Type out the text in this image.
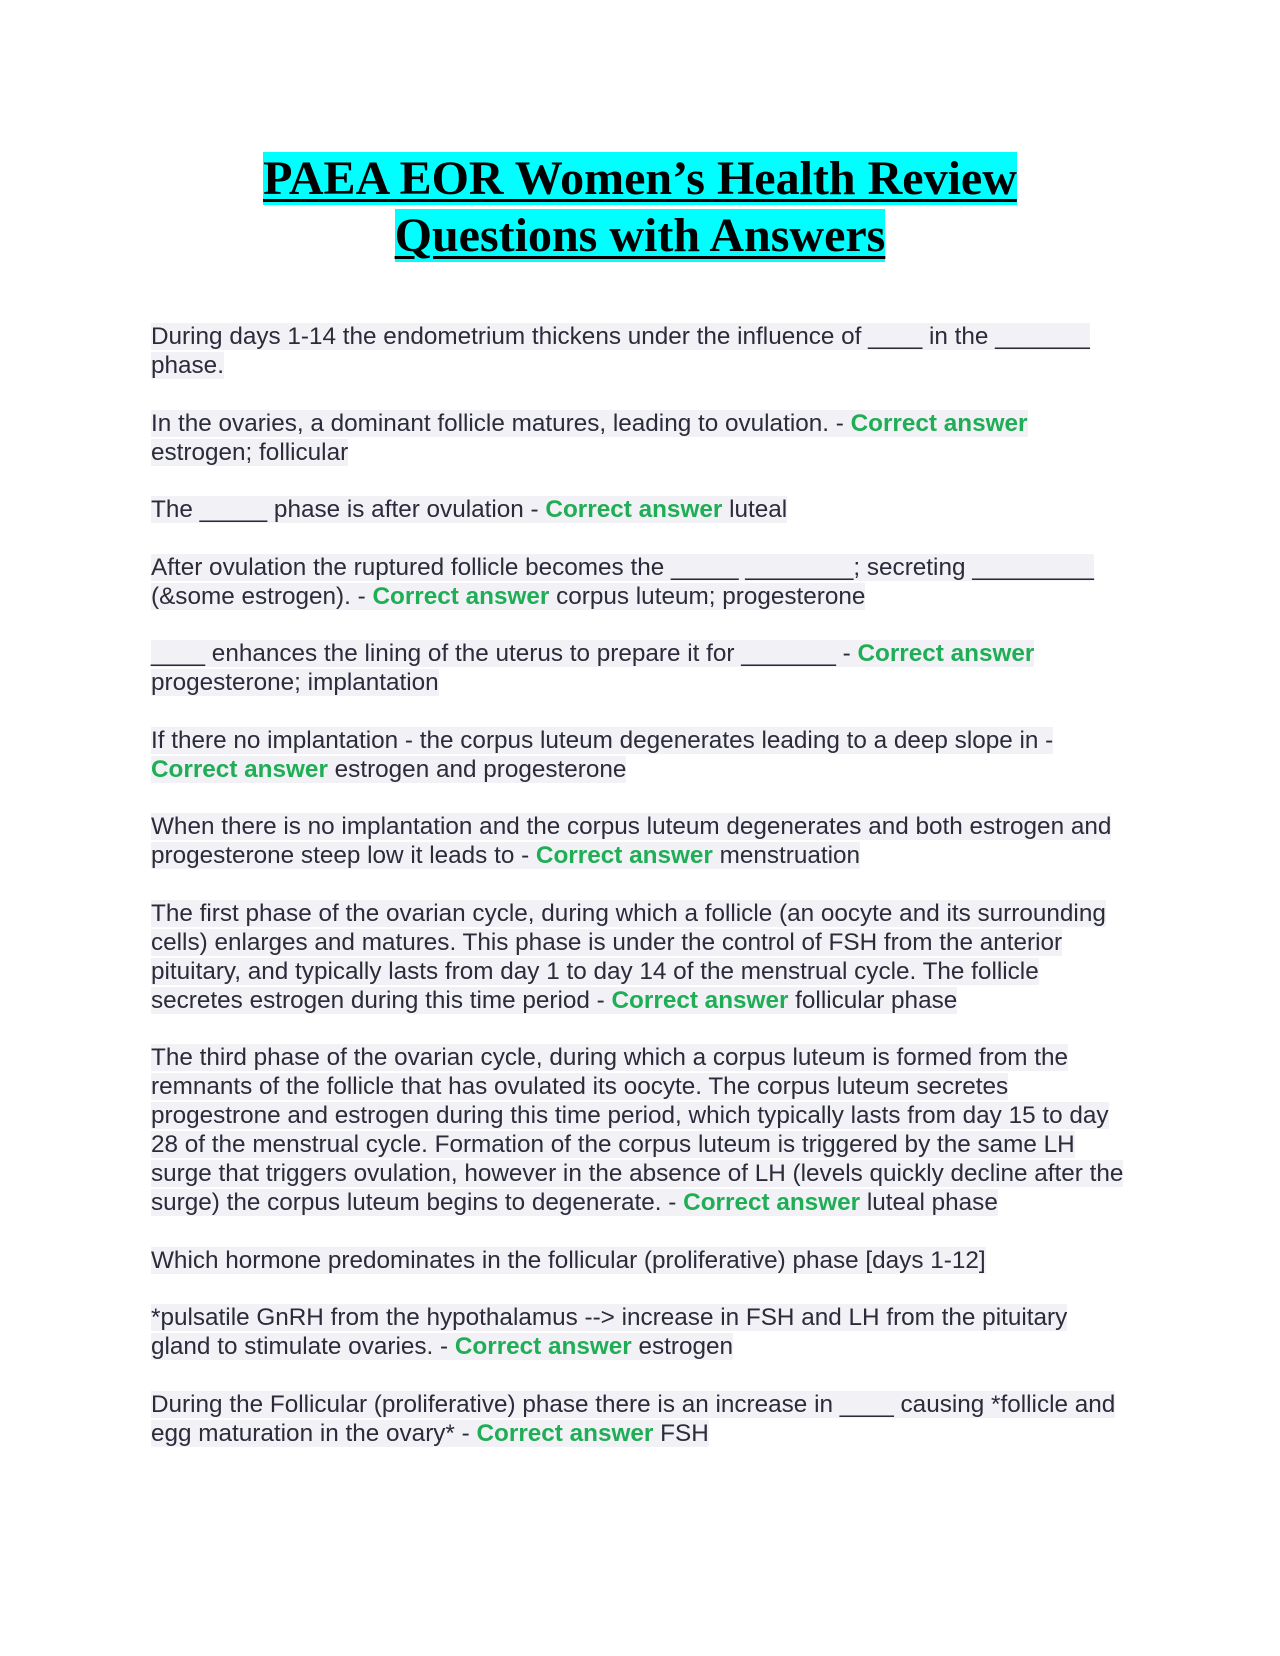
PAEA EOR Women’s Health Review
Questions with Answers

During days 1-14 the endometrium thickens under the influence of ____ in the _______ phase.

In the ovaries, a dominant follicle matures, leading to ovulation. - Correct answer estrogen; follicular

The _____ phase is after ovulation - Correct answer luteal

After ovulation the ruptured follicle becomes the _____ ________; secreting _________ (&some estrogen). - Correct answer corpus luteum; progesterone

____ enhances the lining of the uterus to prepare it for _______ - Correct answer progesterone; implantation

If there no implantation - the corpus luteum degenerates leading to a deep slope in - Correct answer estrogen and progesterone

When there is no implantation and the corpus luteum degenerates and both estrogen and progesterone steep low it leads to - Correct answer menstruation

The first phase of the ovarian cycle, during which a follicle (an oocyte and its surrounding cells) enlarges and matures. This phase is under the control of FSH from the anterior pituitary, and typically lasts from day 1 to day 14 of the menstrual cycle. The follicle secretes estrogen during this time period - Correct answer follicular phase

The third phase of the ovarian cycle, during which a corpus luteum is formed from the remnants of the follicle that has ovulated its oocyte. The corpus luteum secretes progestrone and estrogen during this time period, which typically lasts from day 15 to day 28 of the menstrual cycle. Formation of the corpus luteum is triggered by the same LH surge that triggers ovulation, however in the absence of LH (levels quickly decline after the surge) the corpus luteum begins to degenerate. - Correct answer luteal phase

Which hormone predominates in the follicular (proliferative) phase [days 1-12]

*pulsatile GnRH from the hypothalamus --> increase in FSH and LH from the pituitary gland to stimulate ovaries. - Correct answer estrogen

During the Follicular (proliferative) phase there is an increase in ____ causing *follicle and egg maturation in the ovary* - Correct answer FSH
